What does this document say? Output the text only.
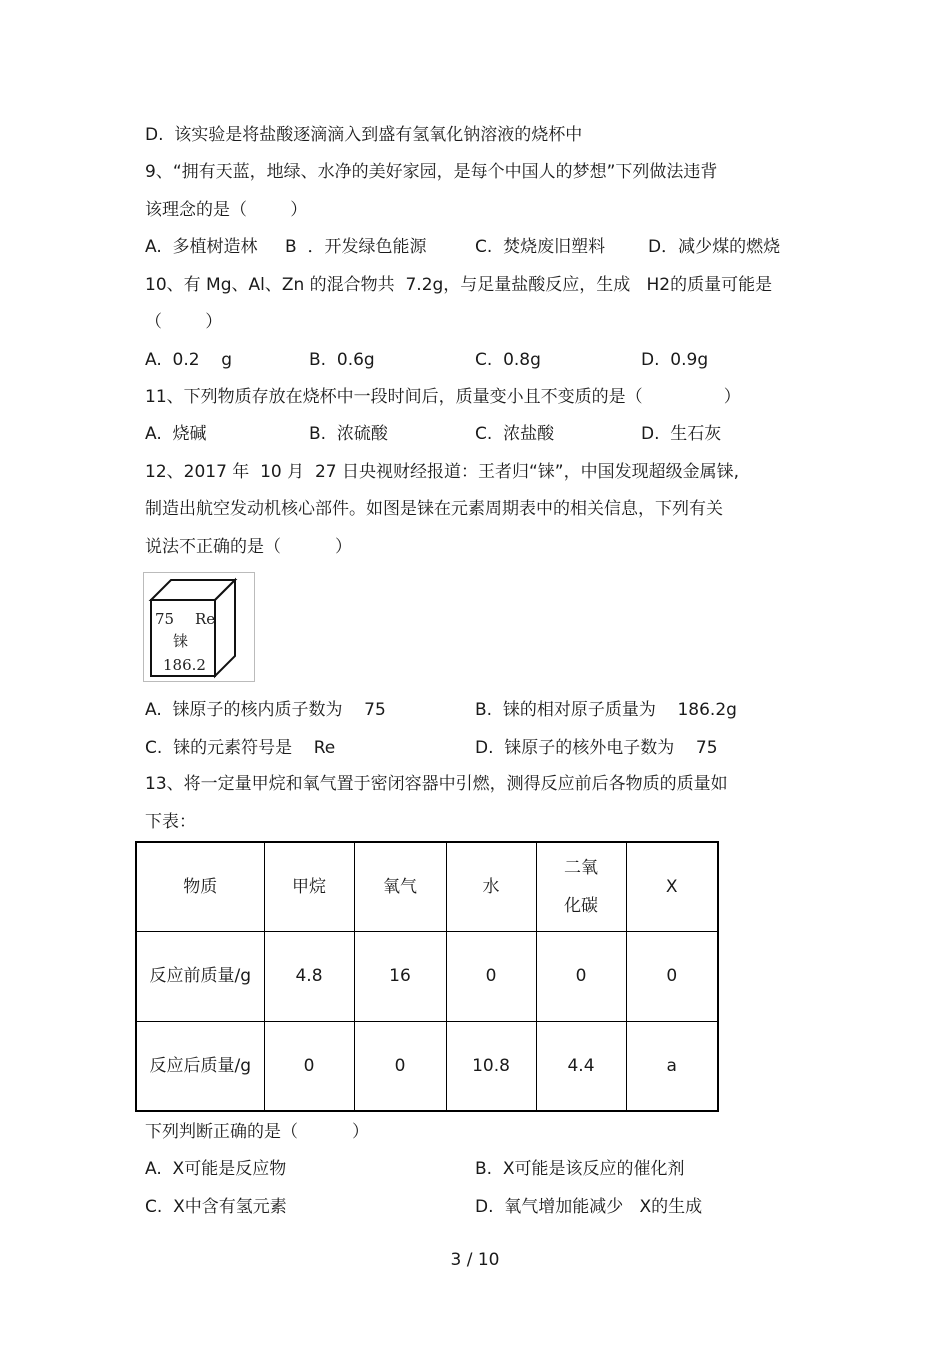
D.  该实验是将盐酸逐滴滴入到盛有氢氧化钠溶液的烧杯中
9、“拥有天蓝，地绿、水净的美好家园，是每个中国人的梦想”下列做法违背
该理念的是（        ）
A.  多植树造林 B  ．开发绿色能源	C.  焚烧废旧塑料	D．减少煤的燃烧
10、有 Mg、Al、Zn 的混合物共  7.2g，与足量盐酸反应，生成   H2的质量可能是
（        ）
A.  0.2    g	B.  0.6g	C.  0.8g	D.  0.9g
11、下列物质存放在烧杯中一段时间后，质量变小且不变质的是（               ）
A.  烧碱	B.  浓硫酸	C.  浓盐酸	D.  生石灰
12、2017 年  10 月  27 日央视财经报道：王者归“铼”，中国发现超级金属铼,
制造出航空发动机核心部件。如图是铼在元素周期表中的相关信息，下列有关
说法不正确的是（          ）
75 Re
铼
186.2
A.  铼原子的核内质子数为    75	B.  铼的相对原子质量为    186.2g
C.  铼的元素符号是    Re	D.  铼原子的核外电子数为    75
13、将一定量甲烷和氧气置于密闭容器中引燃，测得反应前后各物质的质量如
下表：
物质	甲烷	氧气	水	二氧化碳	X
反应前质量/g	4.8	16	0	0	0
反应后质量/g	0	0	10.8	4.4	a
下列判断正确的是（          ）
A.  X可能是反应物	B.  X可能是该反应的催化剂
C.  X中含有氢元素	D.  氧气增加能减少   X的生成
3 / 10
